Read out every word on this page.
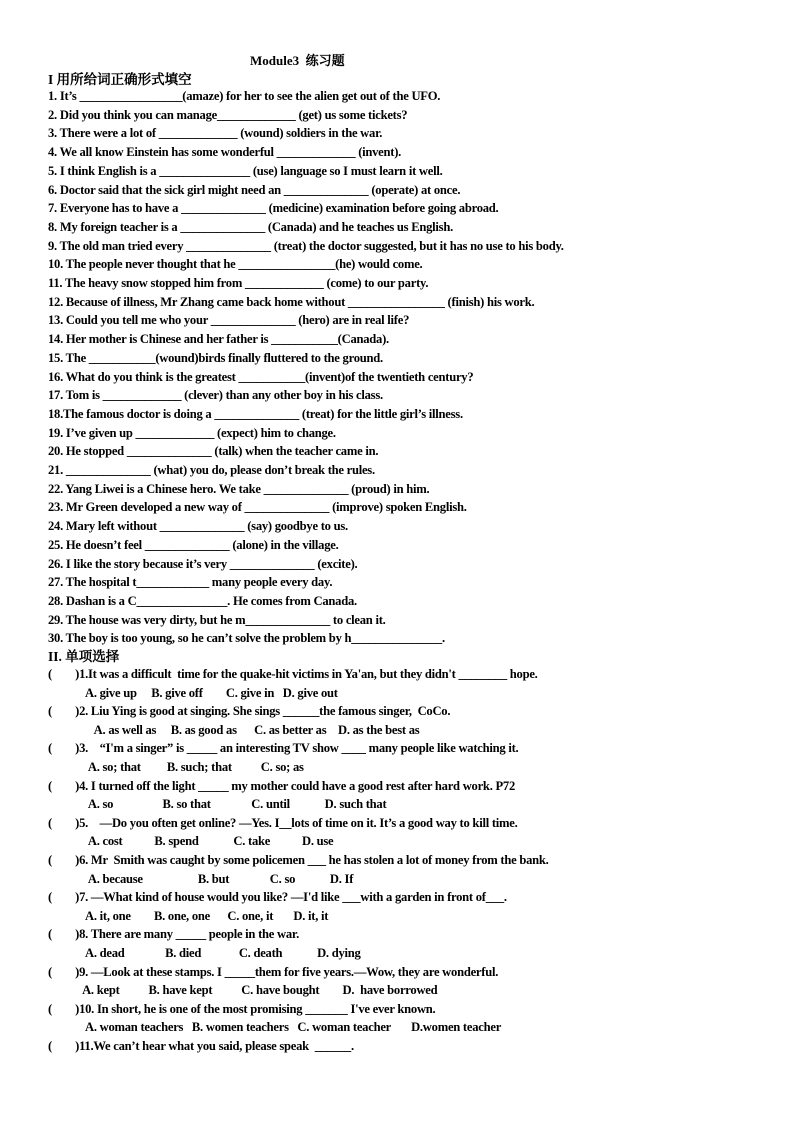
Module3  练习题
I 用所给词正确形式填空
1. It’s _________________(amaze) for her to see the alien get out of the UFO.
2. Did you think you can manage_____________ (get) us some tickets?
3. There were a lot of _____________ (wound) soldiers in the war.
4. We all know Einstein has some wonderful _____________ (invent).
5. I think English is a _______________ (use) language so I must learn it well.
6. Doctor said that the sick girl might need an ______________ (operate) at once.
7. Everyone has to have a ______________ (medicine) examination before going abroad.
8. My foreign teacher is a ______________ (Canada) and he teaches us English.
9. The old man tried every ______________ (treat) the doctor suggested, but it has no use to his body.
10. The people never thought that he ________________(he) would come.
11. The heavy snow stopped him from _____________ (come) to our party.
12. Because of illness, Mr Zhang came back home without ________________ (finish) his work.
13. Could you tell me who your ______________ (hero) are in real life?
14. Her mother is Chinese and her father is ___________(Canada).
15. The ___________(wound)birds finally fluttered to the ground.
16. What do you think is the greatest ___________(invent)of the twentieth century?
17. Tom is _____________ (clever) than any other boy in his class.
18.The famous doctor is doing a ______________ (treat) for the little girl’s illness.
19. I’ve given up _____________ (expect) him to change.
20. He stopped ______________ (talk) when the teacher came in.
21. ______________ (what) you do, please don’t break the rules.
22. Yang Liwei is a Chinese hero. We take ______________ (proud) in him.
23. Mr Green developed a new way of ______________ (improve) spoken English.
24. Mary left without ______________ (say) goodbye to us.
25. He doesn’t feel ______________ (alone) in the village.
26. I like the story because it’s very ______________ (excite).
27. The hospital t____________ many people every day.
28. Dashan is a C_______________. He comes from Canada.
29. The house was very dirty, but he m______________ to clean it.
30. The boy is too young, so he can’t solve the problem by h_______________.
II. 单项选择
(        )1.It was a difficult  time for the quake-hit victims in Ya'an, but they didn't ________ hope.
A. give up     B. give off        C. give in   D. give out
(        )2. Liu Ying is good at singing. She sings ______the famous singer,  CoCo.
A. as well as     B. as good as      C. as better as    D. as the best as
(        )3.    “I'm a singer” is _____ an interesting TV show ____ many people like watching it.
A. so; that         B. such; that          C. so; as
(        )4. I turned off the light _____ my mother could have a good rest after hard work. P72
A. so                 B. so that              C. until            D. such that
(        )5.    —Do you often get online? —Yes. I__lots of time on it. It’s a good way to kill time.
A. cost           B. spend            C. take           D. use
(        )6. Mr  Smith was caught by some policemen ___ he has stolen a lot of money from the bank.
A. because                   B. but              C. so            D. If
(        )7. —What kind of house would you like? —I'd like ___with a garden in front of___.
A. it, one        B. one, one      C. one, it       D. it, it
(        )8. There are many _____ people in the war.
A. dead              B. died             C. death            D. dying
(        )9. —Look at these stamps. I _____them for five years.—Wow, they are wonderful.
A. kept          B. have kept          C. have bought        D.  have borrowed
(        )10. In short, he is one of the most promising _______ I've ever known.
A. woman teachers   B. women teachers   C. woman teacher       D.women teacher
(        )11.We can’t hear what you said, please speak  ______.
